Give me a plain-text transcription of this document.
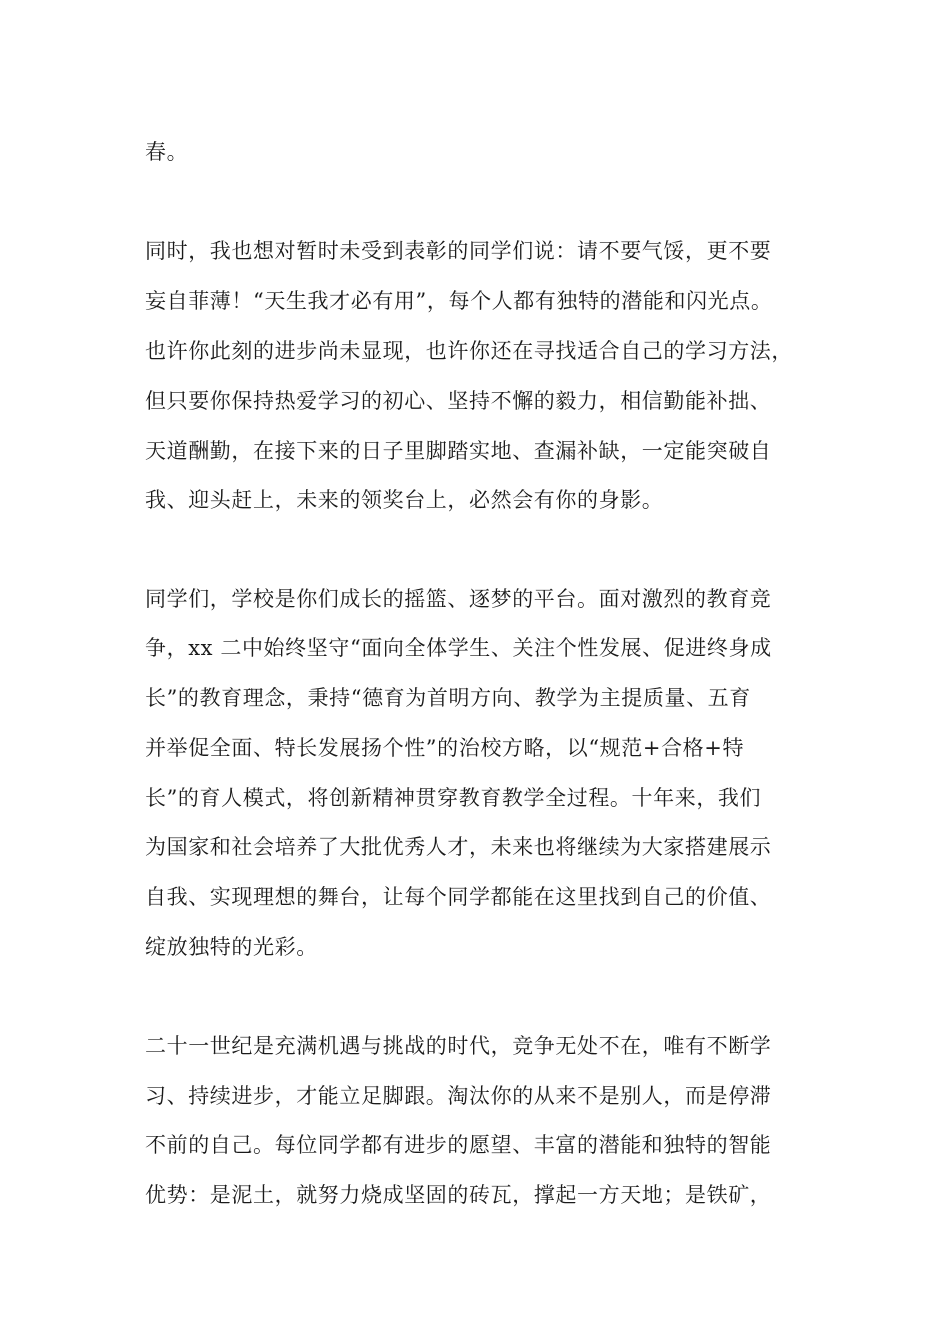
春。

同时，我也想对暂时未受到表彰的同学们说：请不要气馁，更不要

妄自菲薄！“天生我才必有用”，每个人都有独特的潜能和闪光点。

也许你此刻的进步尚未显现，也许你还在寻找适合自己的学习方法，

但只要你保持热爱学习的初心、坚持不懈的毅力，相信勤能补拙、

天道酬勤，在接下来的日子里脚踏实地、查漏补缺，一定能突破自

我、迎头赶上，未来的领奖台上，必然会有你的身影。

同学们，学校是你们成长的摇篮、逐梦的平台。面对激烈的教育竞

争，xx 二中始终坚守“面向全体学生、关注个性发展、促进终身成

长”的教育理念，秉持“德育为首明方向、教学为主提质量、五育

并举促全面、特长发展扬个性”的治校方略，以“规范+合格+特

长”的育人模式，将创新精神贯穿教育教学全过程。十年来，我们

为国家和社会培养了大批优秀人才，未来也将继续为大家搭建展示

自我、实现理想的舞台，让每个同学都能在这里找到自己的价值、

绽放独特的光彩。

二十一世纪是充满机遇与挑战的时代，竞争无处不在，唯有不断学

习、持续进步，才能立足脚跟。淘汰你的从来不是别人，而是停滞

不前的自己。每位同学都有进步的愿望、丰富的潜能和独特的智能

优势：是泥土，就努力烧成坚固的砖瓦，撑起一方天地；是铁矿，
